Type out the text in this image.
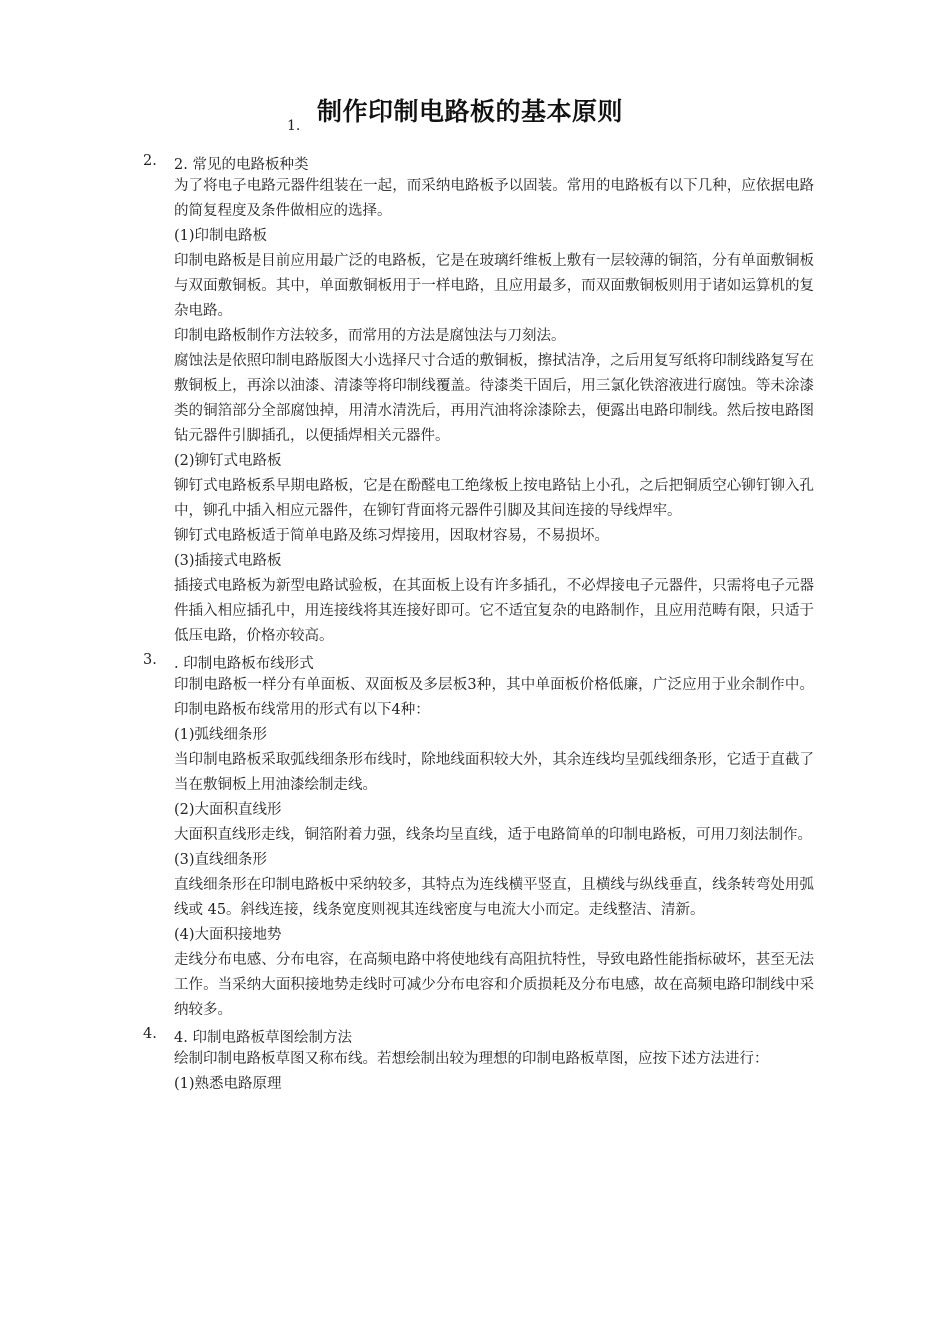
1. 制作印制电路板的基本原则
2. 2. 常见的电路板种类
为了将电子电路元器件组装在一起，而采纳电路板予以固装。常用的电路板有以下几种，应依据电路的简复程度及条件做相应的选择。
(1)印制电路板
印制电路板是目前应用最广泛的电路板，它是在玻璃纤维板上敷有一层较薄的铜箔，分有单面敷铜板与双面敷铜板。其中，单面敷铜板用于一样电路，且应用最多，而双面敷铜板则用于诸如运算机的复杂电路。
印制电路板制作方法较多，而常用的方法是腐蚀法与刀刻法。
腐蚀法是依照印制电路版图大小选择尺寸合适的敷铜板，擦拭洁净，之后用复写纸将印制线路复写在敷铜板上，再涂以油漆、清漆等将印制线覆盖。待漆类干固后，用三氯化铁溶液进行腐蚀。等未涂漆类的铜箔部分全部腐蚀掉，用清水清洗后，再用汽油将涂漆除去，便露出电路印制线。然后按电路图钻元器件引脚插孔，以便插焊相关元器件。
(2)铆钉式电路板
铆钉式电路板系早期电路板，它是在酚醛电工绝缘板上按电路钻上小孔，之后把铜质空心铆钉铆入孔中，铆孔中插入相应元器件，在铆钉背面将元器件引脚及其间连接的导线焊牢。
铆钉式电路板适于简单电路及练习焊接用，因取材容易，不易损坏。
(3)插接式电路板
插接式电路板为新型电路试验板，在其面板上设有许多插孔，不必焊接电子元器件，只需将电子元器件插入相应插孔中，用连接线将其连接好即可。它不适宜复杂的电路制作，且应用范畴有限，只适于低压电路，价格亦较高。
3. . 印制电路板布线形式
印制电路板一样分有单面板、双面板及多层板3种，其中单面板价格低廉，广泛应用于业余制作中。印制电路板布线常用的形式有以下4种：
(1)弧线细条形
当印制电路板采取弧线细条形布线时，除地线面积较大外，其余连线均呈弧线细条形，它适于直截了当在敷铜板上用油漆绘制走线。
(2)大面积直线形
大面积直线形走线，铜箔附着力强，线条均呈直线，适于电路简单的印制电路板，可用刀刻法制作。
(3)直线细条形
直线细条形在印制电路板中采纳较多，其特点为连线横平竖直，且横线与纵线垂直，线条转弯处用弧线或 45。斜线连接，线条宽度则视其连线密度与电流大小而定。走线整洁、清新。
(4)大面积接地势
走线分布电感、分布电容，在高频电路中将使地线有高阻抗特性，导致电路性能指标破坏，甚至无法工作。当采纳大面积接地势走线时可减少分布电容和介质损耗及分布电感，故在高频电路印制线中采纳较多。
4. 4. 印制电路板草图绘制方法
绘制印制电路板草图又称布线。若想绘制出较为理想的印制电路板草图，应按下述方法进行：
(1)熟悉电路原理
